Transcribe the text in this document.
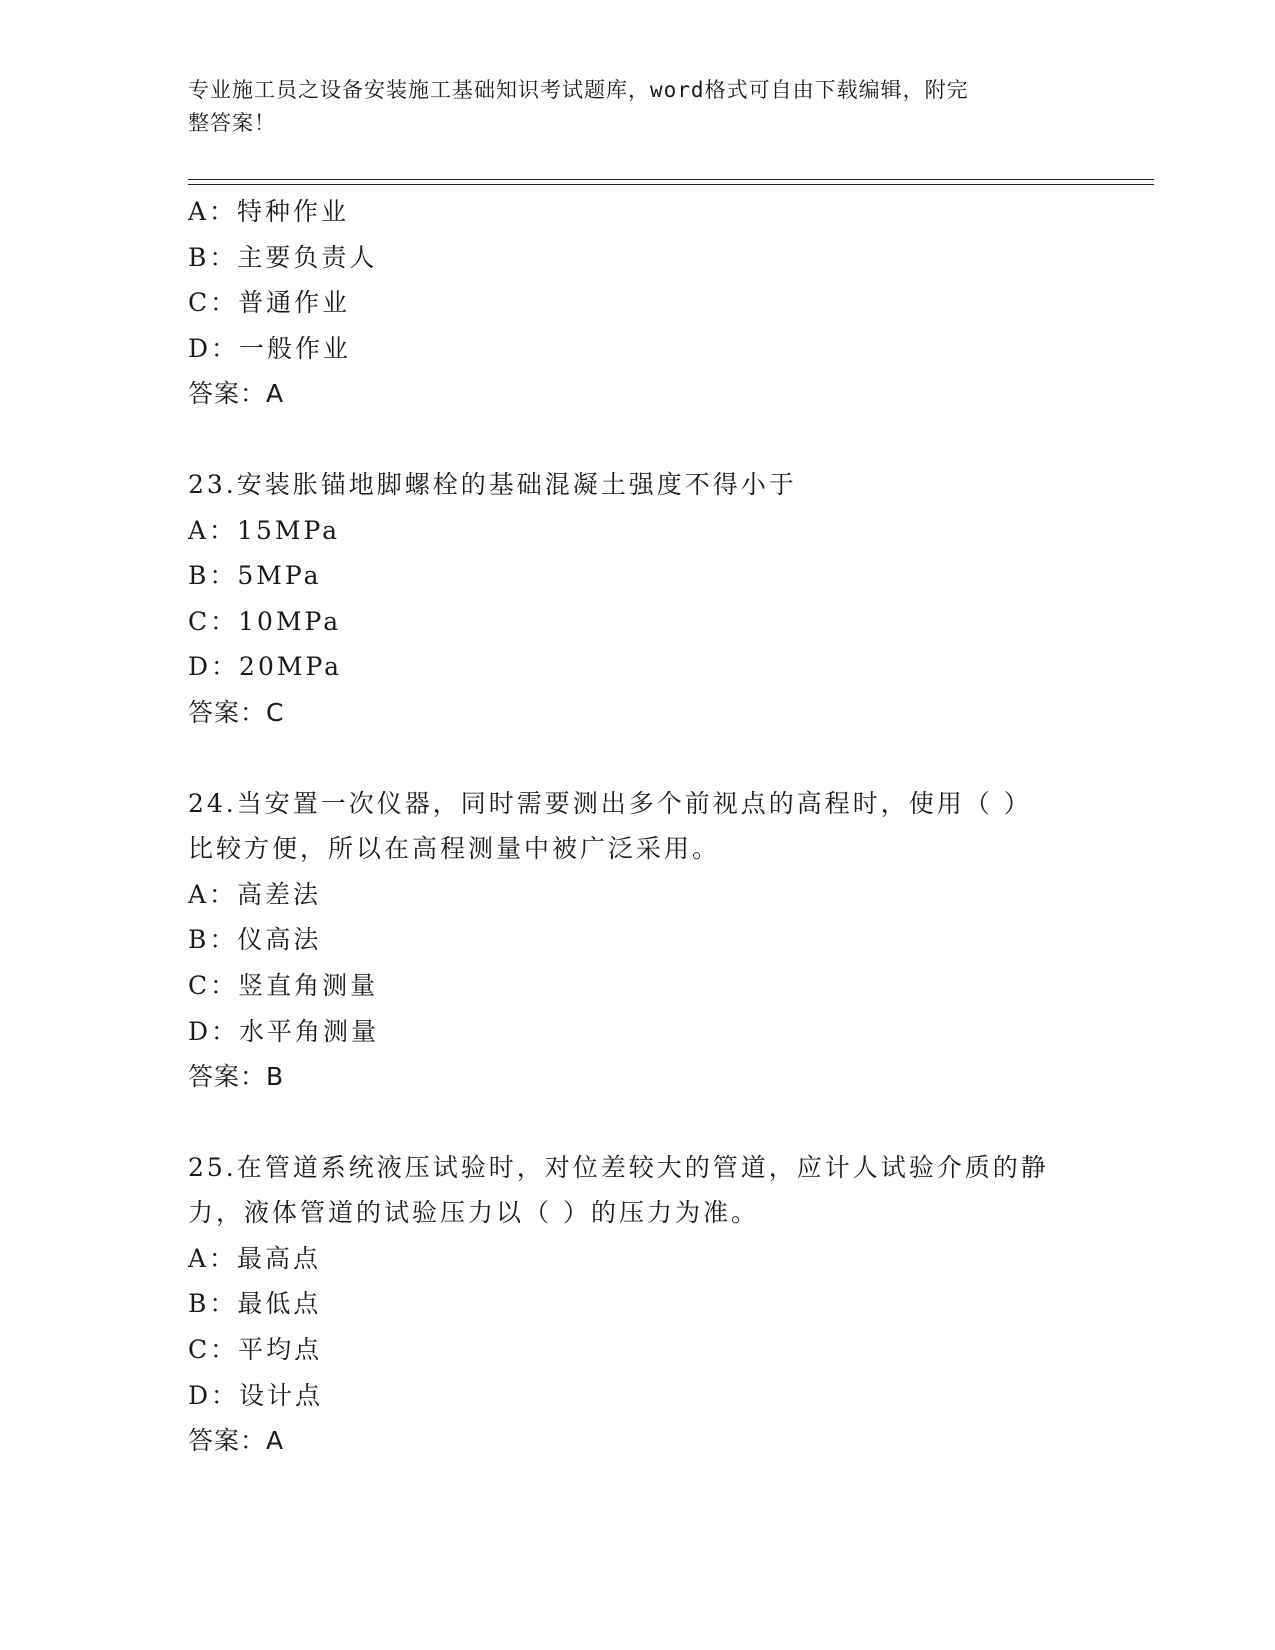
专业施工员之设备安装施工基础知识考试题库，word格式可自由下载编辑，附完
整答案！
A：特种作业
B：主要负责人
C：普通作业
D：一般作业
答案：A
23.安装胀锚地脚螺栓的基础混凝土强度不得小于
A：15MPa
B：5MPa
C：10MPa
D：20MPa
答案：C
24.当安置一次仪器，同时需要测出多个前视点的高程时，使用（ ）
比较方便，所以在高程测量中被广泛采用。
A：高差法
B：仪高法
C：竖直角测量
D：水平角测量
答案：B
25.在管道系统液压试验时，对位差较大的管道，应计人试验介质的静
力，液体管道的试验压力以（ ）的压力为准。
A：最高点
B：最低点
C：平均点
D：设计点
答案：A
